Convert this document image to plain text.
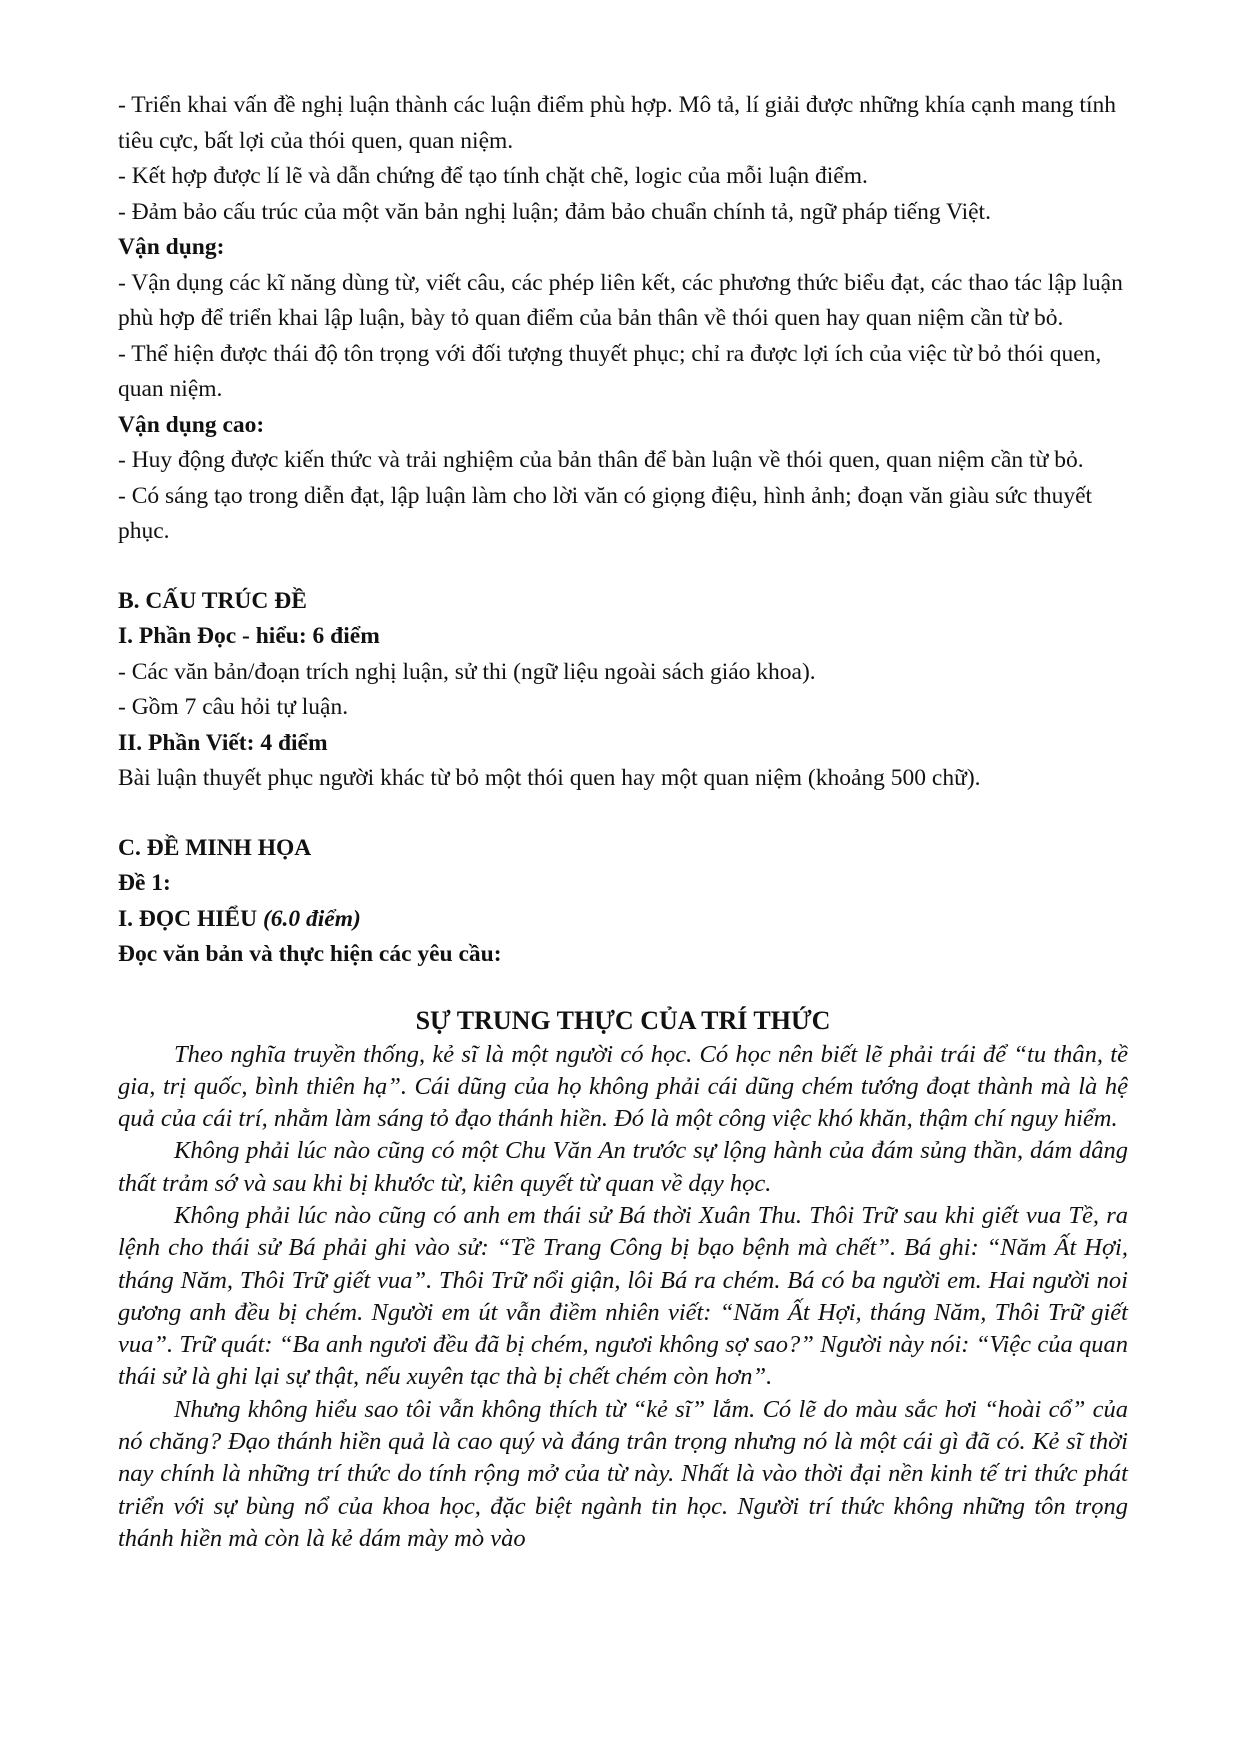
- Triển khai vấn đề nghị luận thành các luận điểm phù hợp. Mô tả, lí giải được những khía cạnh mang tính tiêu cực, bất lợi của thói quen, quan niệm.

- Kết hợp được lí lẽ và dẫn chứng để tạo tính chặt chẽ, logic của mỗi luận điểm.

- Đảm bảo cấu trúc của một văn bản nghị luận; đảm bảo chuẩn chính tả, ngữ pháp tiếng Việt.

Vận dụng:

- Vận dụng các kĩ năng dùng từ, viết câu, các phép liên kết, các phương thức biểu đạt, các thao tác lập luận phù hợp để triển khai lập luận, bày tỏ quan điểm của bản thân về thói quen hay quan niệm cần từ bỏ.

- Thể hiện được thái độ tôn trọng với đối tượng thuyết phục; chỉ ra được lợi ích của việc từ bỏ thói quen, quan niệm.

Vận dụng cao:

- Huy động được kiến thức và trải nghiệm của bản thân để bàn luận về thói quen, quan niệm cần từ bỏ.

- Có sáng tạo trong diễn đạt, lập luận làm cho lời văn có giọng điệu, hình ảnh; đoạn văn giàu sức thuyết phục.

B. CẤU TRÚC ĐỀ

I. Phần Đọc - hiểu: 6 điểm

- Các văn bản/đoạn trích nghị luận, sử thi (ngữ liệu ngoài sách giáo khoa).

- Gồm 7 câu hỏi tự luận.

II. Phần Viết: 4 điểm

Bài luận thuyết phục người khác từ bỏ một thói quen hay một quan niệm (khoảng 500 chữ).

C. ĐỀ MINH HỌA

Đề 1:

I. ĐỌC HIỂU (6.0 điểm)

Đọc văn bản và thực hiện các yêu cầu:

SỰ TRUNG THỰC CỦA TRÍ THỨC

Theo nghĩa truyền thống, kẻ sĩ là một người có học. Có học nên biết lẽ phải trái để “tu thân, tề gia, trị quốc, bình thiên hạ”. Cái dũng của họ không phải cái dũng chém tướng đoạt thành mà là hệ quả của cái trí, nhằm làm sáng tỏ đạo thánh hiền. Đó là một công việc khó khăn, thậm chí nguy hiểm.

Không phải lúc nào cũng có một Chu Văn An trước sự lộng hành của đám sủng thần, dám dâng thất trảm sớ và sau khi bị khước từ, kiên quyết từ quan về dạy học.

Không phải lúc nào cũng có anh em thái sử Bá thời Xuân Thu. Thôi Trữ sau khi giết vua Tề, ra lệnh cho thái sử Bá phải ghi vào sử: “Tề Trang Công bị bạo bệnh mà chết”. Bá ghi: “Năm Ất Hợi, tháng Năm, Thôi Trữ giết vua”. Thôi Trữ nổi giận, lôi Bá ra chém. Bá có ba người em. Hai người noi gương anh đều bị chém. Người em út vẫn điềm nhiên viết: “Năm Ất Hợi, tháng Năm, Thôi Trữ giết vua”. Trữ quát: “Ba anh ngươi đều đã bị chém, ngươi không sợ sao?” Người này nói: “Việc của quan thái sử là ghi lại sự thật, nếu xuyên tạc thà bị chết chém còn hơn”.

Nhưng không hiểu sao tôi vẫn không thích từ “kẻ sĩ” lắm. Có lẽ do màu sắc hơi “hoài cổ” của nó chăng? Đạo thánh hiền quả là cao quý và đáng trân trọng nhưng nó là một cái gì đã có. Kẻ sĩ thời nay chính là những trí thức do tính rộng mở của từ này. Nhất là vào thời đại nền kinh tế tri thức phát triển với sự bùng nổ của khoa học, đặc biệt ngành tin học. Người trí thức không những tôn trọng thánh hiền mà còn là kẻ dám mày mò vào
